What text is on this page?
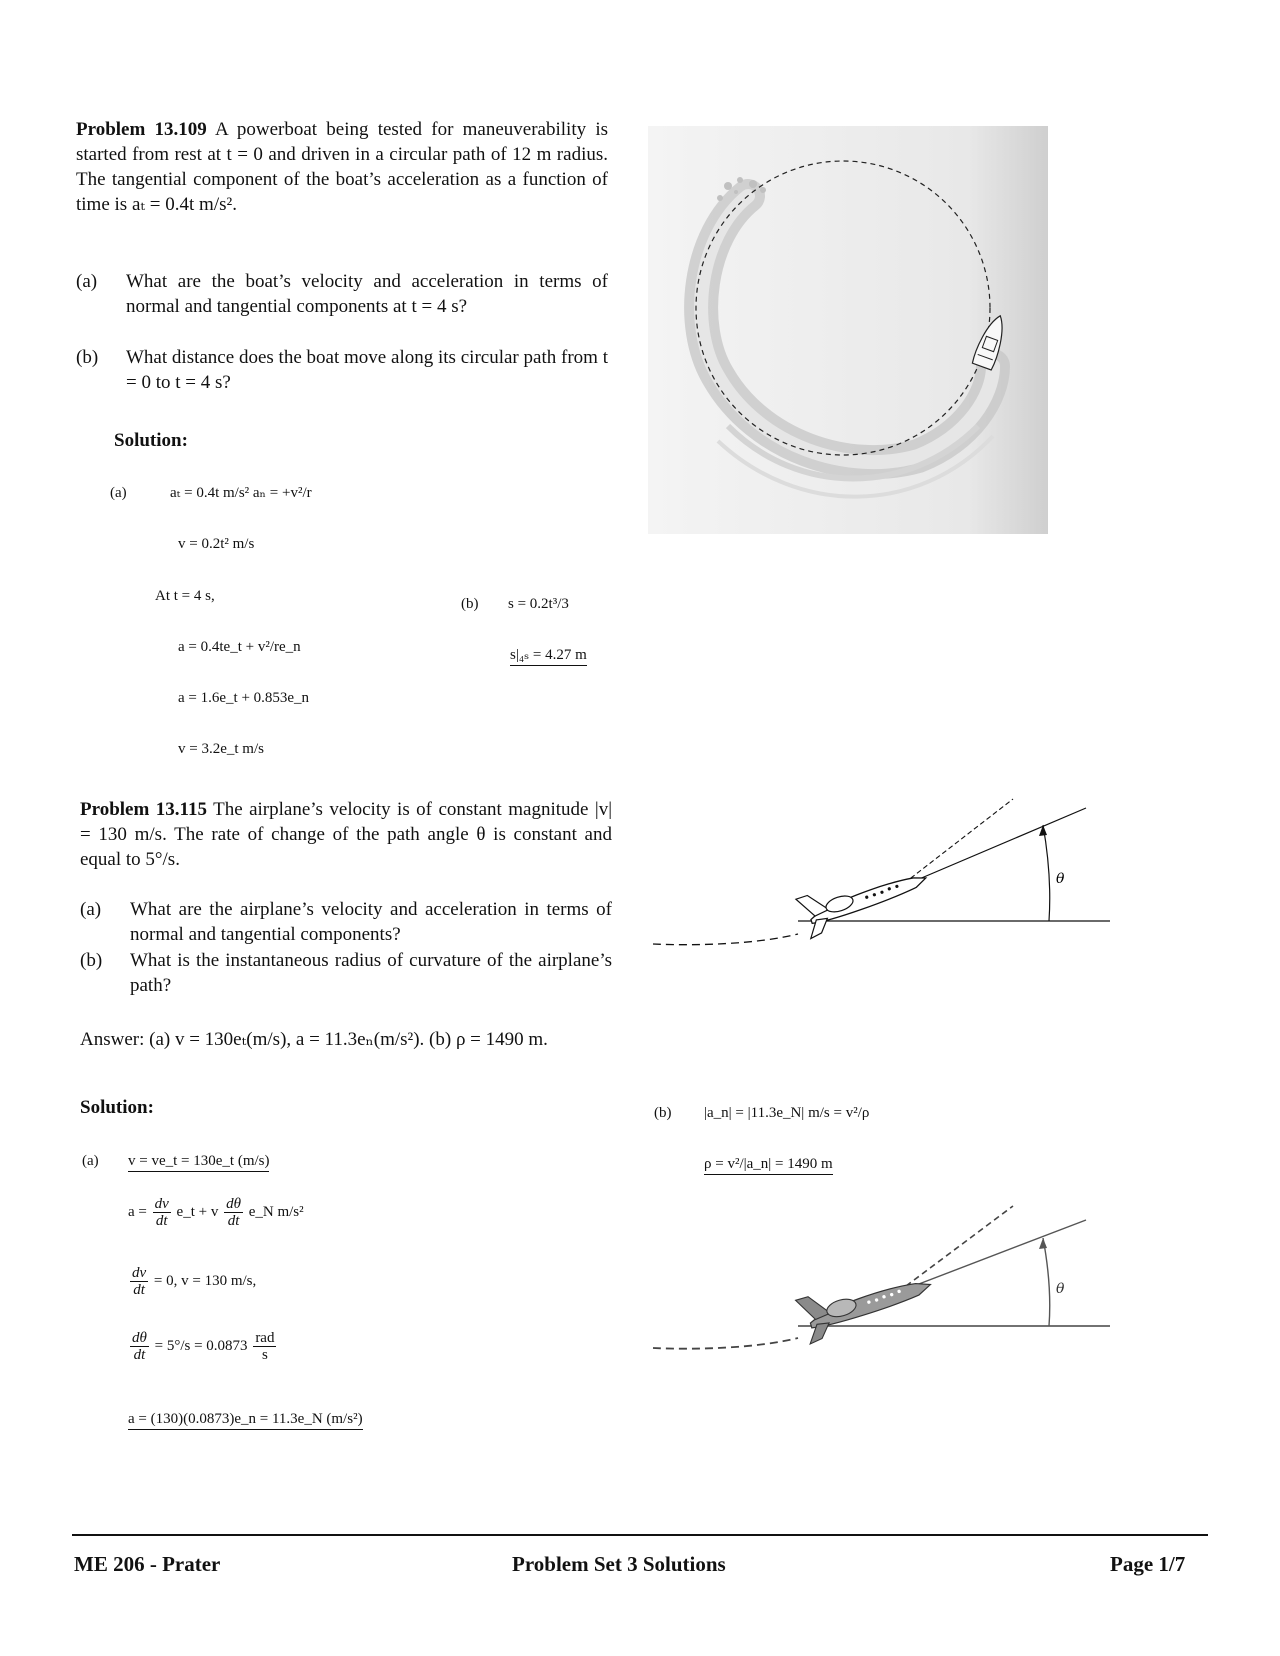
Problem 13.109 A powerboat being tested for maneuverability is started from rest at t = 0 and driven in a circular path of 12 m radius. The tangential component of the boat’s acceleration as a function of time is aₜ = 0.4t m/s².
(a) What are the boat’s velocity and acceleration in terms of normal and tangential components at t = 4 s?
(b) What distance does the boat move along its circular path from t = 0 to t = 4 s?
Solution:
(a)	aₜ = 0.4t m/s² aₙ = +v²/r
v = 0.2t² m/s
At t = 4 s,
a = 0.4te_t + v²/re_n
a = 1.6e_t + 0.853e_n
v = 3.2e_t m/s
(b) s = 0.2t³/3
s|₄ₛ = 4.27 m
Problem 13.115 The airplane’s velocity is of constant magnitude |v| = 130 m/s. The rate of change of the path angle θ is constant and equal to 5°/s.
(a) What are the airplane’s velocity and acceleration in terms of normal and tangential components?
(b) What is the instantaneous radius of curvature of the airplane’s path?
Answer: (a) v = 130eₜ(m/s), a = 11.3eₙ(m/s²). (b) ρ = 1490 m.
Solution:
(a) v = ve_t = 130e_t (m/s)
$a = \frac{dv}{dt}$ e_t + v $\frac{d\theta}{dt}$ e_N m/s²
$\frac{dv}{dt} = 0$, v = 130 m/s,
$\frac{d\theta}{dt} = 5^\circ/s = 0.0873 \frac{\text{rad}}{s}$
a = (130)(0.0873)e_n = 11.3e_N (m/s²)
(b) |a_n| = |11.3e_N| m/s = v²/ρ
ρ = v²/|a_n| = 1490 m
θ
θ
ME 206 - Prater	Problem Set 3 Solutions	Page 1/7
